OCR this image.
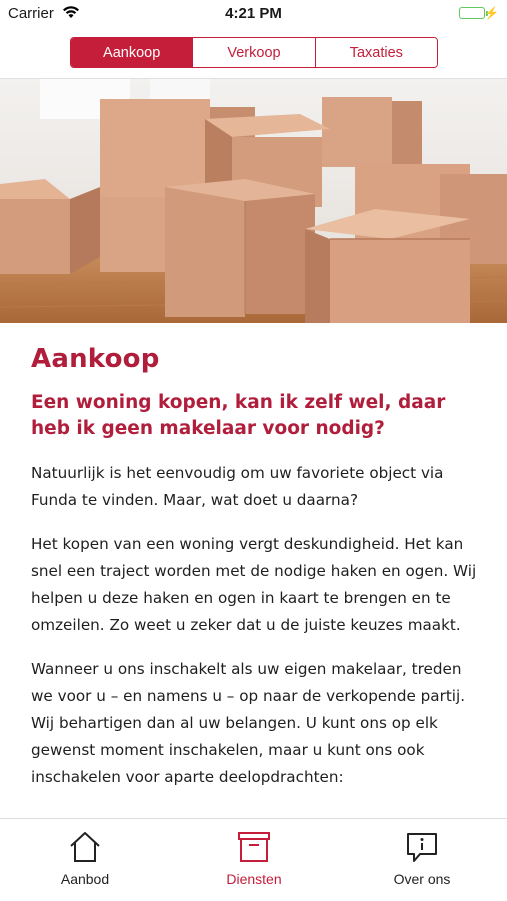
Carrier	4:21 PM	⚡
Aankoop	Verkoop	Taxaties
Aankoop
Een woning kopen, kan ik zelf wel, daar heb ik geen makelaar voor nodig?

Natuurlijk is het eenvoudig om uw favoriete object via Funda te vinden. Maar, wat doet u daarna?

Het kopen van een woning vergt deskundigheid. Het kan snel een traject worden met de nodige haken en ogen. Wij helpen u deze haken en ogen in kaart te brengen en te omzeilen. Zo weet u zeker dat u de juiste keuzes maakt.

Wanneer u ons inschakelt als uw eigen makelaar, treden we voor u – en namens u – op naar de verkopende partij. Wij behartigen dan al uw belangen. U kunt ons op elk gewenst moment inschakelen, maar u kunt ons ook inschakelen voor aparte deelopdrachten:

Aanbod	Diensten	Over ons
